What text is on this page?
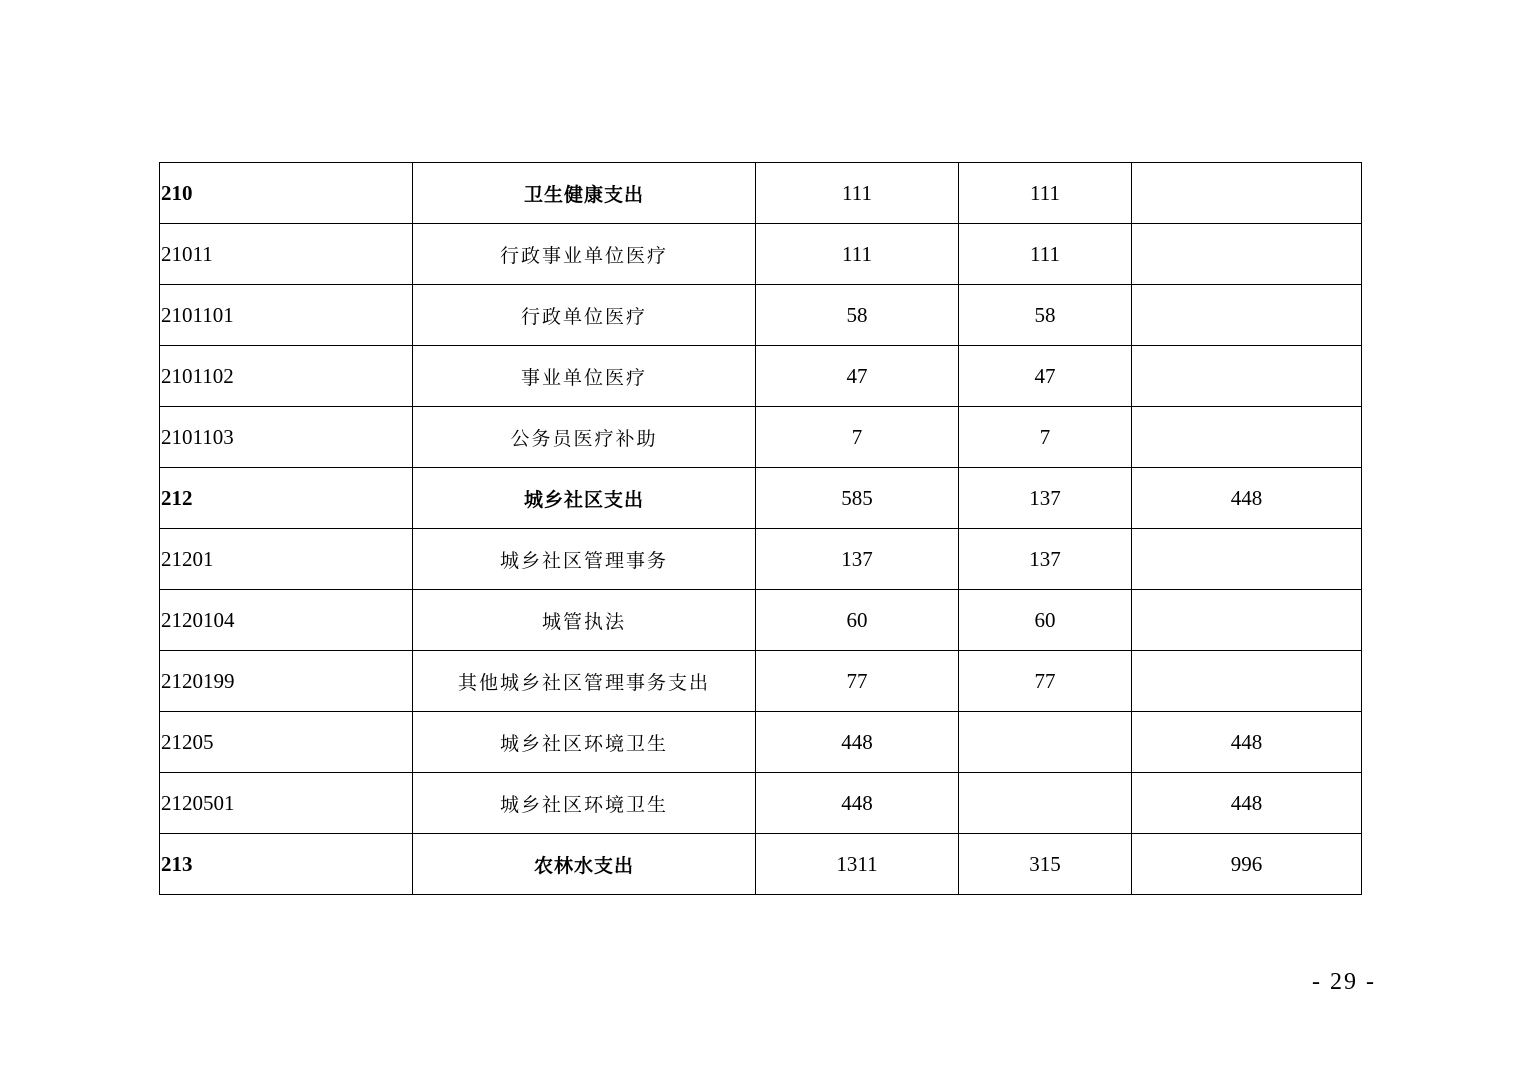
210	卫生健康支出	111	111	
21011	行政事业单位医疗	111	111	
2101101	行政单位医疗	58	58	
2101102	事业单位医疗	47	47	
2101103	公务员医疗补助	7	7	
212	城乡社区支出	585	137	448
21201	城乡社区管理事务	137	137	
2120104	城管执法	60	60	
2120199	其他城乡社区管理事务支出	77	77	
21205	城乡社区环境卫生	448		448
2120501	城乡社区环境卫生	448		448
213	农林水支出	1311	315	996
- 29 -
